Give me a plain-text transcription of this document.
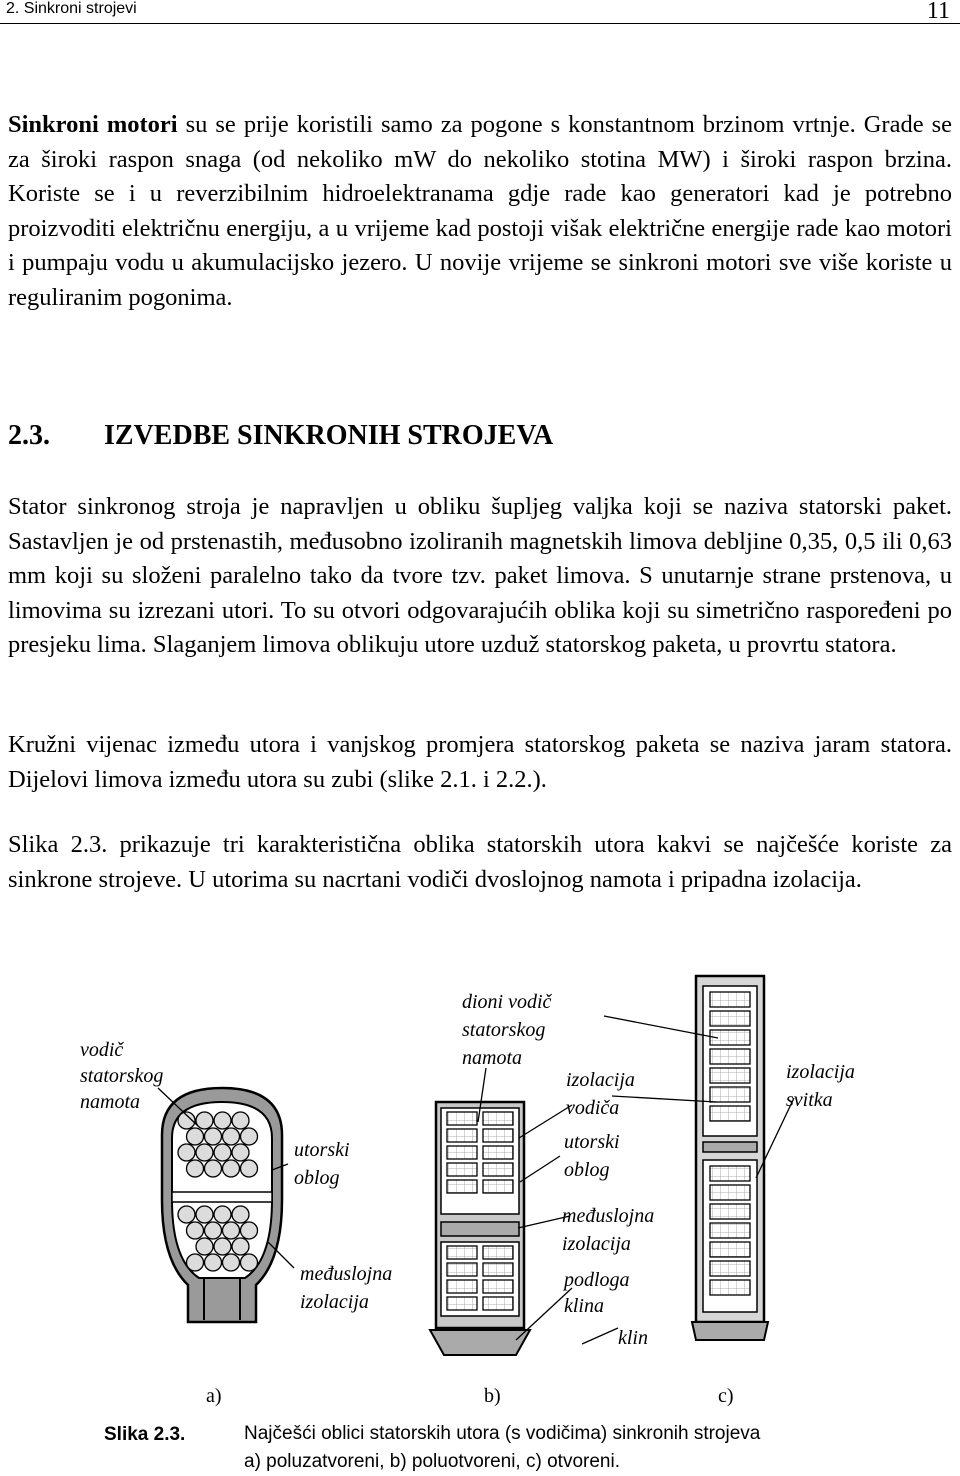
2. Sinkroni strojevi	11

Sinkroni motori su se prije koristili samo za pogone s konstantnom brzinom vrtnje. Grade se za široki raspon snaga (od nekoliko mW do nekoliko stotina MW) i široki raspon brzina. Koriste se i u reverzibilnim hidroelektranama gdje rade kao generatori kad je potrebno proizvoditi električnu energiju, a u vrijeme kad postoji višak električne energije rade kao motori i pumpaju vodu u akumulacijsko jezero. U novije vrijeme se sinkroni motori sve više koriste u reguliranim pogonima.

2.3. IZVEDBE SINKRONIH STROJEVA

Stator sinkronog stroja je napravljen u obliku šupljeg valjka koji se naziva statorski paket. Sastavljen je od prstenastih, međusobno izoliranih magnetskih limova debljine 0,35, 0,5 ili 0,63 mm koji su složeni paralelno tako da tvore tzv. paket limova. S unutarnje strane prstenova, u limovima su izrezani utori. To su otvori odgovarajućih oblika koji su simetrično raspoređeni po presjeku lima. Slaganjem limova oblikuju utore uzduž statorskog paketa, u provrtu statora.

Kružni vijenac između utora i vanjskog promjera statorskog paketa se naziva jaram statora. Dijelovi limova između utora su zubi (slike 2.1. i 2.2.).

Slika 2.3. prikazuje tri karakteristična oblika statorskih utora kakvi se najčešće koriste za sinkrone strojeve. U utorima su nacrtani vodiči dvoslojnog namota i pripadna izolacija.

vodič
statorskog
namota
utorski
oblog
međuslojna
izolacija
dioni vodič
statorskog
namota
izolacija
vodiča
utorski
oblog
međuslojna
izolacija
podloga
klina
klin
izolacija
svitka
a)	b)	c)
Slika 2.3.	Najčešći oblici statorskih utora (s vodičima) sinkronih strojeva
a) poluzatvoreni, b) poluotvoreni, c) otvoreni.
